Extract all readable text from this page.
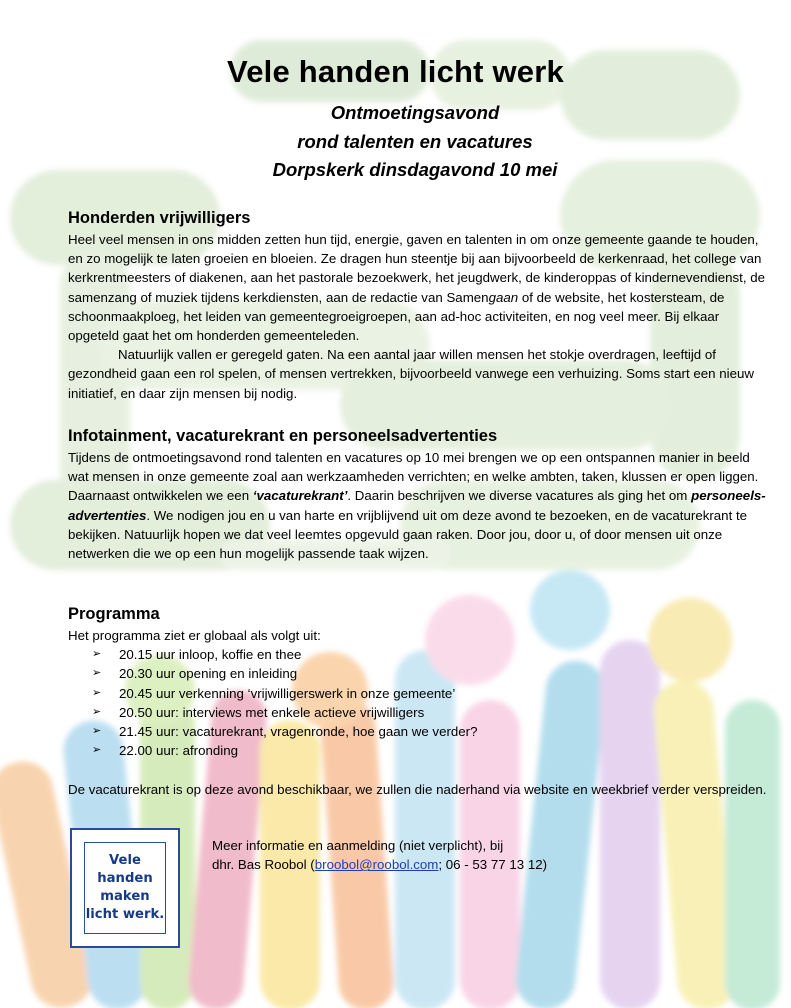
Vele handen licht werk
Ontmoetingsavond
rond talenten en vacatures
Dorpskerk dinsdagavond 10 mei
Honderden vrijwilligers

Heel veel mensen in ons midden zetten hun tijd, energie, gaven en talenten in om onze gemeente gaande te houden, en zo mogelijk te laten groeien en bloeien. Ze dragen hun steentje bij aan bijvoorbeeld de kerkenraad, het college van kerkrentmeesters of diakenen, aan het pastorale bezoekwerk, het jeugdwerk, de kinderoppas of kindernevendienst, de samenzang of muziek tijdens kerkdiensten, aan de redactie van Samengaan of de website, het kostersteam, de schoonmaakploeg, het leiden van gemeentegroeigroepen, aan ad-hoc activiteiten, en nog veel meer. Bij elkaar opgeteld gaat het om honderden gemeenteleden.

Natuurlijk vallen er geregeld gaten. Na een aantal jaar willen mensen het stokje overdragen, leeftijd of gezondheid gaan een rol spelen, of mensen vertrekken, bijvoorbeeld vanwege een verhuizing. Soms start een nieuw initiatief, en daar zijn mensen bij nodig.

Infotainment, vacaturekrant en personeelsadvertenties

Tijdens de ontmoetingsavond rond talenten en vacatures op 10 mei brengen we op een ontspannen manier in beeld wat mensen in onze gemeente zoal aan werkzaamheden verrichten; en welke ambten, taken, klussen er open liggen. Daarnaast ontwikkelen we een ‘vacaturekrant’. Daarin beschrijven we diverse vacatures als ging het om personeels-advertenties. We nodigen jou en u van harte en vrijblijvend uit om deze avond te bezoeken, en de vacaturekrant te bekijken. Natuurlijk hopen we dat veel leemtes opgevuld gaan raken. Door jou, door u, of door mensen uit onze netwerken die we op een hun mogelijk passende taak wijzen.

Programma

Het programma ziet er globaal als volgt uit:

➢ 20.15 uur inloop, koffie en thee
➢ 20.30 uur opening en inleiding
➢ 20.45 uur verkenning ‘vrijwilligerswerk in onze gemeente’
➢ 20.50 uur: interviews met enkele actieve vrijwilligers
➢ 21.45 uur: vacaturekrant, vragenronde, hoe gaan we verder?
➢ 22.00 uur: afronding

De vacaturekrant is op deze avond beschikbaar, we zullen die naderhand via website en weekbrief verder verspreiden.

Vele handen
maken
licht werk.
Meer informatie en aanmelding (niet verplicht), bij
dhr. Bas Roobol (broobol@roobol.com; 06 - 53 77 13 12)
